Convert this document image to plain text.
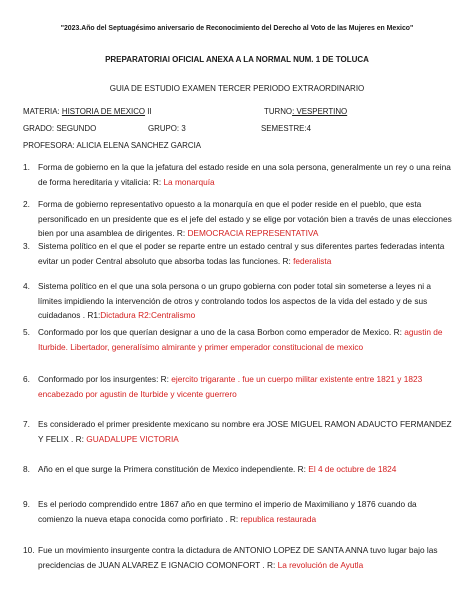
"2023.Año del Septuagésimo aniversario de Reconocimiento del Derecho al Voto de las Mujeres en Mexico"
PREPARATORIAl OFICIAL ANEXA A LA NORMAL NUM. 1 DE TOLUCA
GUIA DE ESTUDIO EXAMEN TERCER PERIODO EXTRAORDINARIO
MATERIA: HISTORIA DE MEXICO II	TURNO: VESPERTINO
GRADO: SEGUNDO	GRUPO: 3	SEMESTRE:4
PROFESORA: ALICIA ELENA SANCHEZ GARCIA
1. Forma de gobierno en la que la jefatura del estado reside en una sola persona, generalmente un rey o una reina de forma hereditaria y vitalicia: R: La monarquía
2. Forma de gobierno representativo opuesto a la monarquía en que el poder reside en el pueblo, que esta personificado en un presidente que es el jefe del estado y se elige por votación bien a través de unas elecciones bien por una asamblea de dirigentes. R: DEMOCRACIA REPRESENTATIVA
3. Sistema político en el que el poder se reparte entre un estado central y sus diferentes partes federadas intenta evitar un poder Central absoluto que absorba todas las funciones. R: federalista
4. Sistema político en el que una sola persona o un grupo gobierna con poder total sin someterse a leyes ni a límites impidiendo la intervención de otros y controlando todos los aspectos de la vida del estado y de sus cuidadanos . R1:Dictadura R2:Centralismo
5. Conformado por los que querían designar a uno de la casa Borbon como emperador de Mexico. R: agustin de Iturbide. Libertador, generalísimo almirante y primer emperador constitucional de mexico
6. Conformado por los insurgentes: R: ejercito trigarante . fue un cuerpo militar existente entre 1821 y 1823 encabezado por agustin de Iturbide y vicente guerrero
7. Es considerado el primer presidente mexicano su nombre era JOSE MIGUEL RAMON ADAUCTO FERMANDEZ Y FELIX . R: GUADALUPE VICTORIA
8. Año en el que surge la Primera constitución de Mexico independiente. R: El 4 de octubre de 1824
9. Es el periodo comprendido entre 1867 año en que termino el imperio de Maximiliano y 1876 cuando da comienzo la nueva etapa conocida como porfiriato . R: republica restaurada
10. Fue un movimiento insurgente contra la dictadura de ANTONIO LOPEZ DE SANTA ANNA tuvo lugar bajo las precidencias de JUAN ALVAREZ E IGNACIO COMONFORT . R: La revolución de Ayutla
